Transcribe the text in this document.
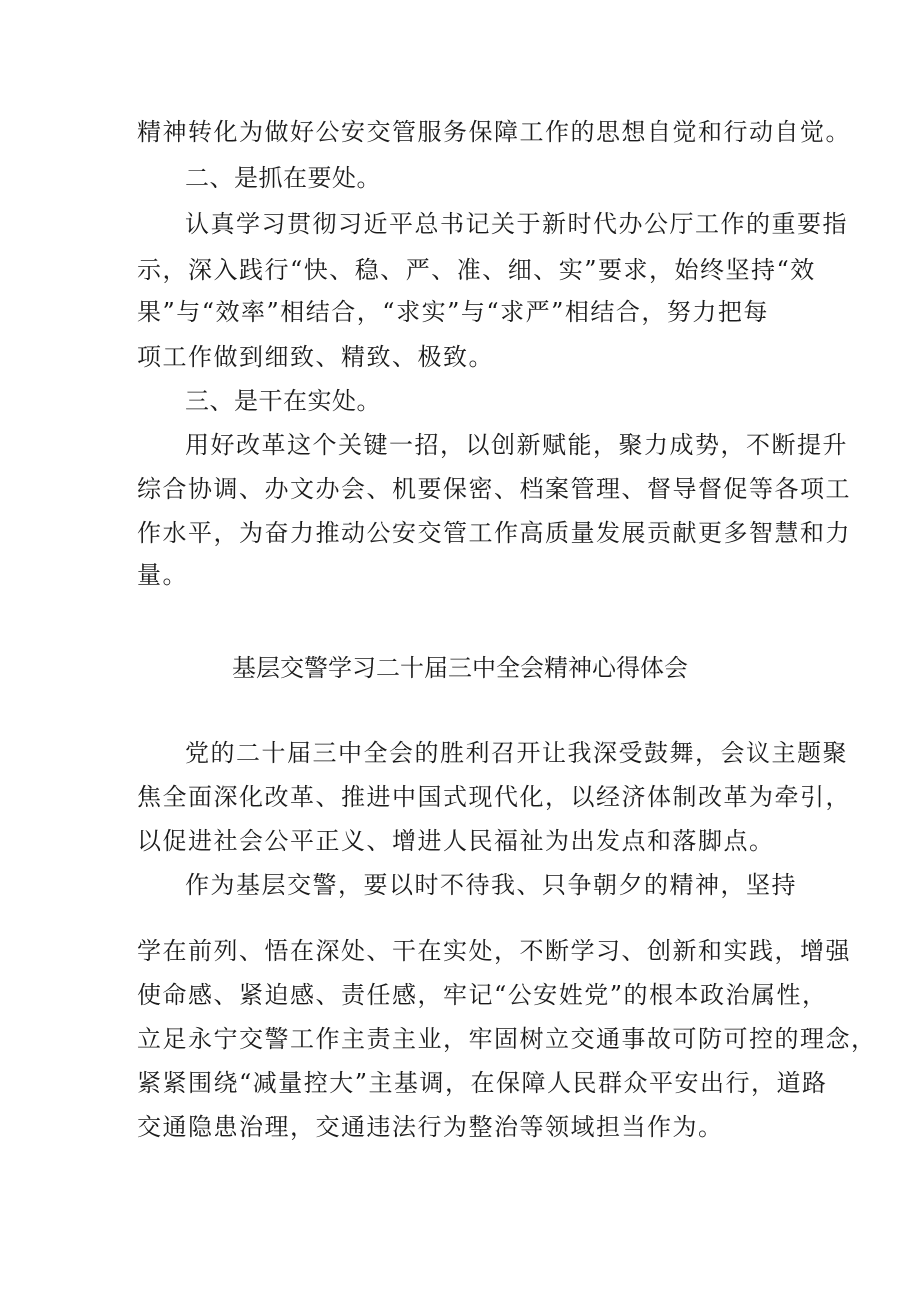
精神转化为做好公安交管服务保障工作的思想自觉和行动自觉。
二、是抓在要处。
认真学习贯彻习近平总书记关于新时代办公厅工作的重要指
示，深入践行“快、稳、严、准、细、实”要求，始终坚持“效
果”与“效率”相结合，“求实”与“求严”相结合，努力把每
项工作做到细致、精致、极致。
三、是干在实处。
用好改革这个关键一招，以创新赋能，聚力成势，不断提升
综合协调、办文办会、机要保密、档案管理、督导督促等各项工
作水平，为奋力推动公安交管工作高质量发展贡献更多智慧和力
量。
基层交警学习二十届三中全会精神心得体会
党的二十届三中全会的胜利召开让我深受鼓舞，会议主题聚
焦全面深化改革、推进中国式现代化，以经济体制改革为牵引，
以促进社会公平正义、增进人民福祉为出发点和落脚点。
作为基层交警，要以时不待我、只争朝夕的精神，坚持
学在前列、悟在深处、干在实处，不断学习、创新和实践，增强
使命感、紧迫感、责任感，牢记“公安姓党”的根本政治属性，
立足永宁交警工作主责主业，牢固树立交通事故可防可控的理念，
紧紧围绕“减量控大”主基调，在保障人民群众平安出行，道路
交通隐患治理，交通违法行为整治等领域担当作为。
